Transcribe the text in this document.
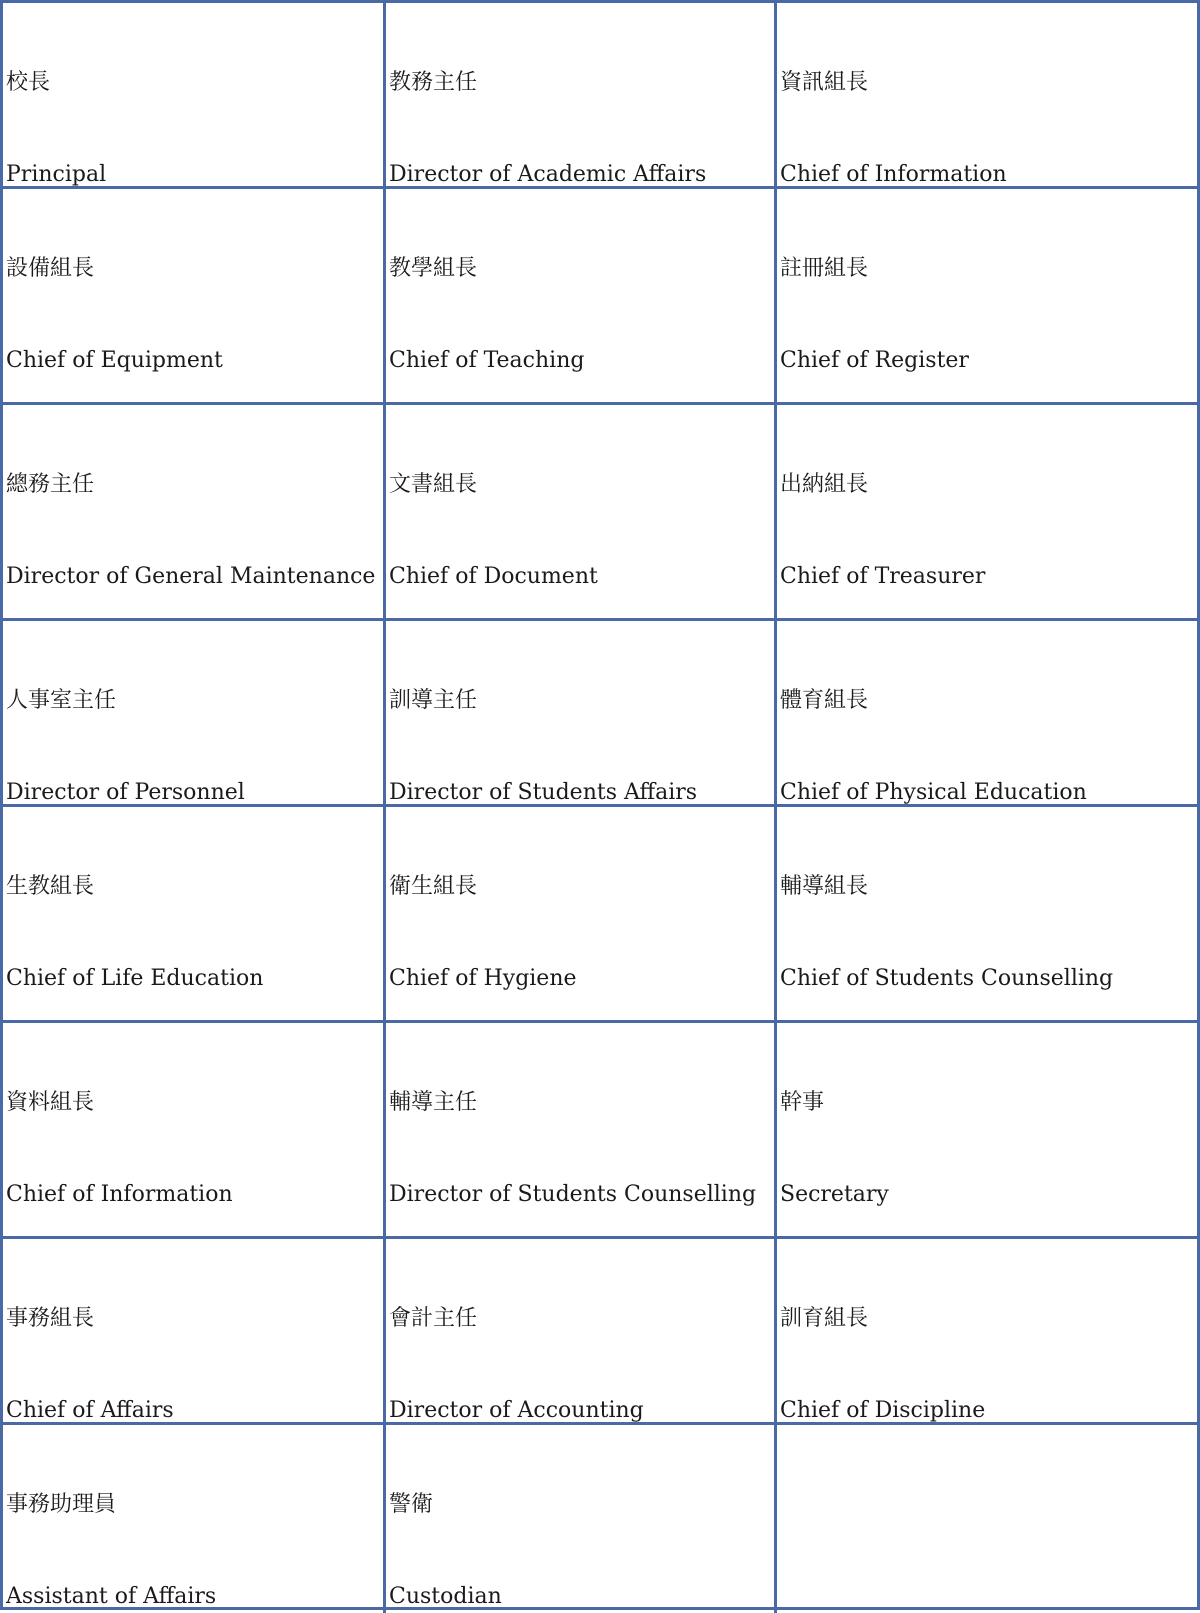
校長

Principal

教務主任

Director of Academic Affairs

資訊組長

Chief of Information

設備組長

Chief of Equipment

教學組長

Chief of Teaching

註冊組長

Chief of Register

總務主任

Director of General Maintenance

文書組長

Chief of Document

出納組長

Chief of Treasurer

人事室主任

Director of Personnel

訓導主任

Director of Students Affairs

體育組長

Chief of Physical Education

生教組長

Chief of Life Education

衛生組長

Chief of Hygiene

輔導組長

Chief of Students Counselling

資料組長

Chief of Information

輔導主任

Director of Students Counselling

幹事

Secretary

事務組長

Chief of Affairs

會計主任

Director of Accounting

訓育組長

Chief of Discipline

事務助理員

Assistant of Affairs

警衛

Custodian
